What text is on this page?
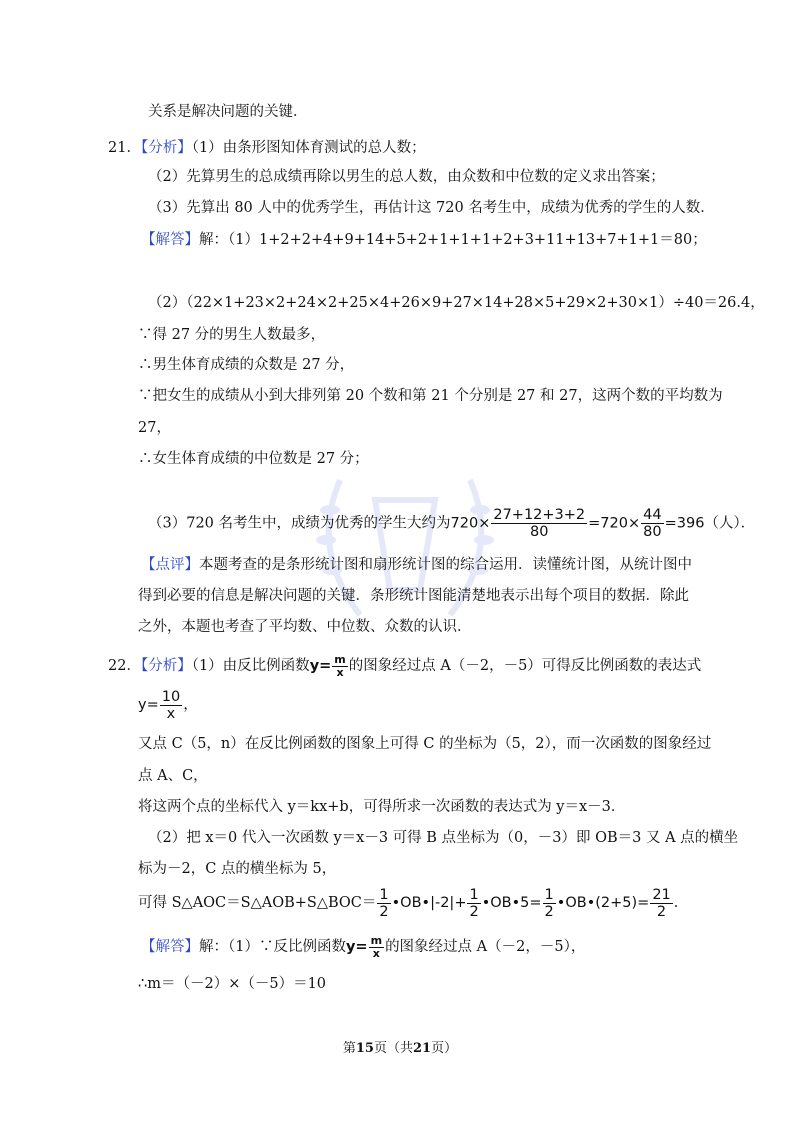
关系是解决问题的关键．
21．【分析】（1）由条形图知体育测试的总人数；
（2）先算男生的总成绩再除以男生的总人数，由众数和中位数的定义求出答案；
（3）先算出 80 人中的优秀学生，再估计这 720 名考生中，成绩为优秀的学生的人数．
【解答】解：（1）1+2+2+4+9+14+5+2+1+1+1+2+3+11+13+7+1+1＝80；
（2）（22×1+23×2+24×2+25×4+26×9+27×14+28×5+29×2+30×1）÷40＝26.4，
∵得 27 分的男生人数最多，
∴男生体育成绩的众数是 27 分，
∵把女生的成绩从小到大排列第 20 个数和第 21 个分别是 27 和 27，这两个数的平均数为
27，
∴女生体育成绩的中位数是 27 分；
（3）720 名考生中，成绩为优秀的学生大约为$720\times \frac{27+12+3+2}{80} =720\times \frac{44}{80} =396$（人）．
【点评】本题考查的是条形统计图和扇形统计图的综合运用．读懂统计图，从统计图中
得到必要的信息是解决问题的关键．条形统计图能清楚地表示出每个项目的数据．除此
之外，本题也考查了平均数、中位数、众数的认识．
22．【分析】（1）由反比例函数$y= \frac{m}{x}$ 的图象经过点 A（－2，－5）可得反比例函数的表达式
$y= \frac{10}{x}$ ，
又点 C（5，n）在反比例函数的图象上可得 C 的坐标为（5，2），而一次函数的图象经过
点 A、C，
将这两个点的坐标代入 y＝kx+b，可得所求一次函数的表达式为 y＝x－3．
（2）把 x＝0 代入一次函数 y＝x－3 可得 B 点坐标为（0，－3）即 OB＝3 又 A 点的横坐
标为－2，C 点的横坐标为 5，
可得 S△AOC＝S△AOB+S△BOC＝ $\frac{1}{2}$ •OB•|-2|+ $\frac{1}{2}$ •OB•5= $\frac{1}{2}$ •OB•(2+5)= $\frac{21}{2}$ ．
【解答】解：（1）∵反比例函数$y= \frac{m}{x}$ 的图象经过点 A（－2，－5），
∴m＝（－2）×（－5）＝10
第15页（共21页）
